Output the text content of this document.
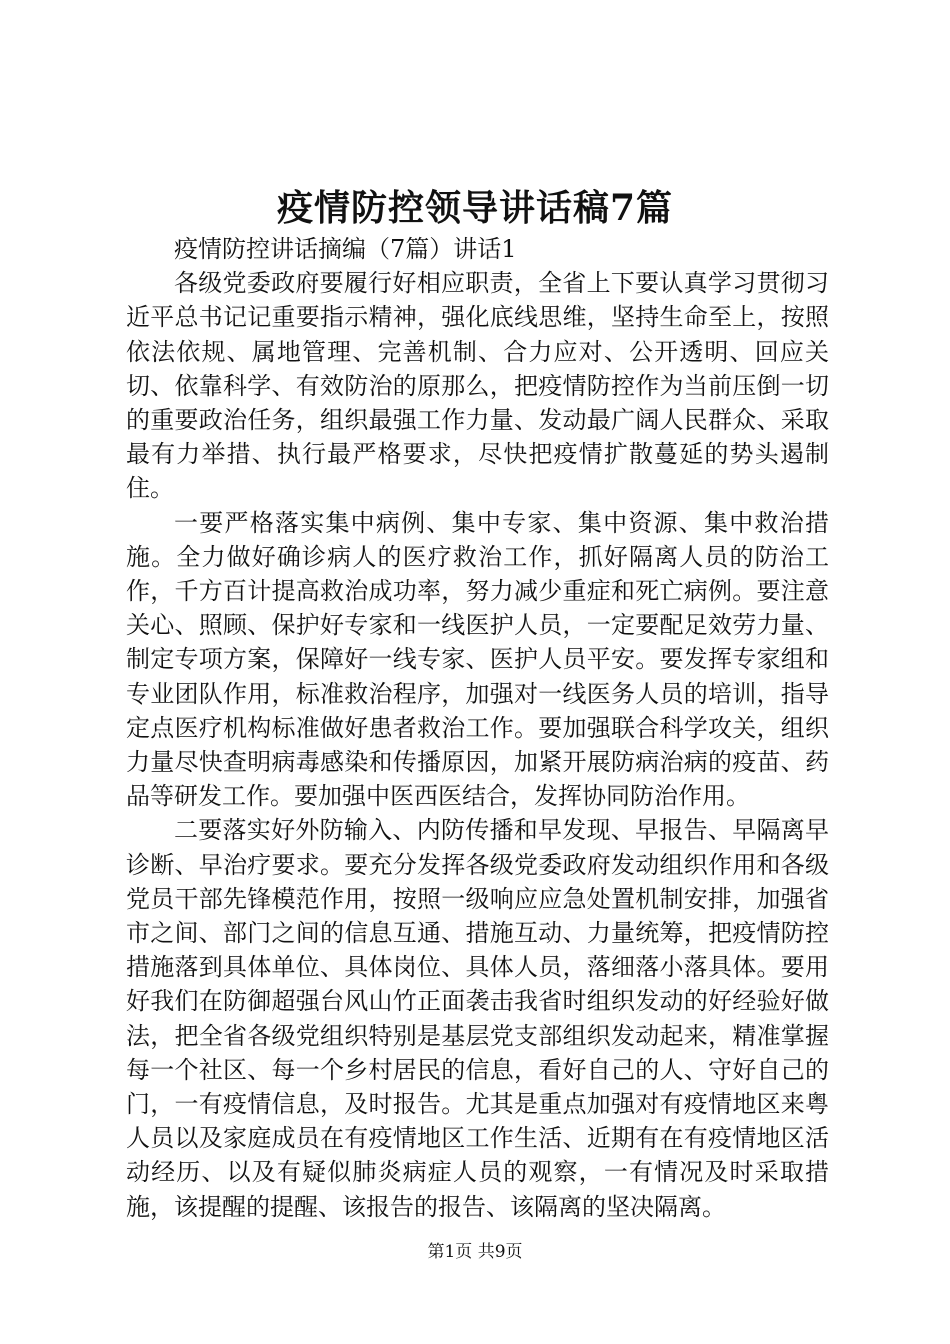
疫情防控领导讲话稿7篇

疫情防控讲话摘编（7篇）讲话1

各级党委政府要履行好相应职责，全省上下要认真学习贯彻习近平总书记记重要指示精神，强化底线思维，坚持生命至上，按照依法依规、属地管理、完善机制、合力应对、公开透明、回应关切、依靠科学、有效防治的原那么，把疫情防控作为当前压倒一切的重要政治任务，组织最强工作力量、发动最广阔人民群众、采取最有力举措、执行最严格要求，尽快把疫情扩散蔓延的势头遏制住。

一要严格落实集中病例、集中专家、集中资源、集中救治措施。全力做好确诊病人的医疗救治工作，抓好隔离人员的防治工作，千方百计提高救治成功率，努力减少重症和死亡病例。要注意关心、照顾、保护好专家和一线医护人员，一定要配足效劳力量、制定专项方案，保障好一线专家、医护人员平安。要发挥专家组和专业团队作用，标准救治程序，加强对一线医务人员的培训，指导定点医疗机构标准做好患者救治工作。要加强联合科学攻关，组织力量尽快查明病毒感染和传播原因，加紧开展防病治病的疫苗、药品等研发工作。要加强中医西医结合，发挥协同防治作用。

二要落实好外防输入、内防传播和早发现、早报告、早隔离早诊断、早治疗要求。要充分发挥各级党委政府发动组织作用和各级党员干部先锋模范作用，按照一级响应应急处置机制安排，加强省市之间、部门之间的信息互通、措施互动、力量统筹，把疫情防控措施落到具体单位、具体岗位、具体人员，落细落小落具体。要用好我们在防御超强台风山竹正面袭击我省时组织发动的好经验好做法，把全省各级党组织特别是基层党支部组织发动起来，精准掌握每一个社区、每一个乡村居民的信息，看好自己的人、守好自己的门，一有疫情信息，及时报告。尤其是重点加强对有疫情地区来粤人员以及家庭成员在有疫情地区工作生活、近期有在有疫情地区活动经历、以及有疑似肺炎病症人员的观察，一有情况及时采取措施，该提醒的提醒、该报告的报告、该隔离的坚决隔离。

第1页 共9页
